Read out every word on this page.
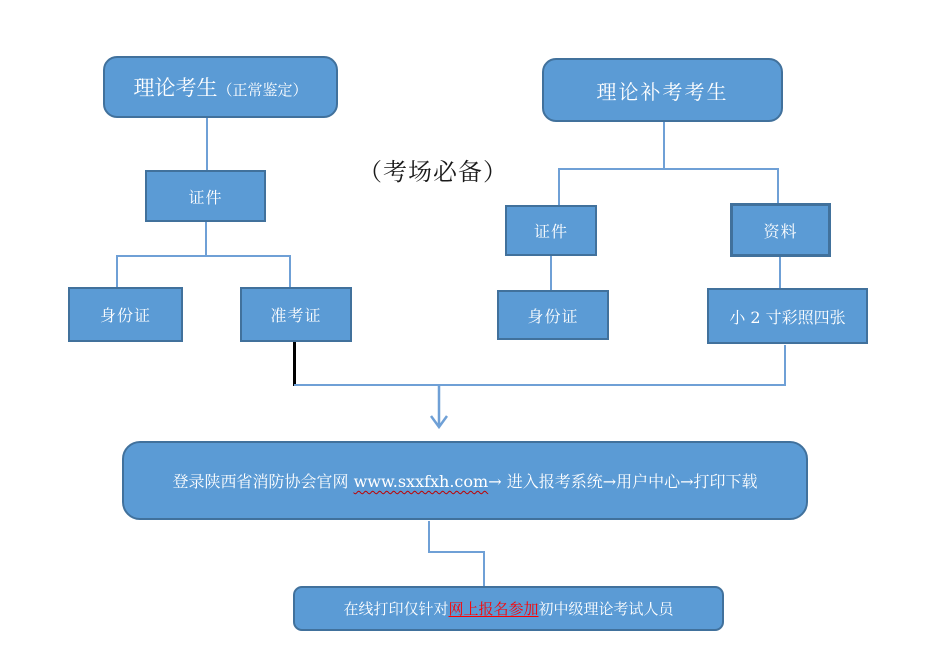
理论考生（正常鉴定）	理论补考考生
（考场必备）
证件
身份证	准考证
证件	资料
身份证	小 2 寸彩照四张
登录陕西省消防协会官网 www.sxxfxh.com→ 进入报考系统→用户中心→打印下载
在线打印仅针对网上报名参加初中级理论考试人员
